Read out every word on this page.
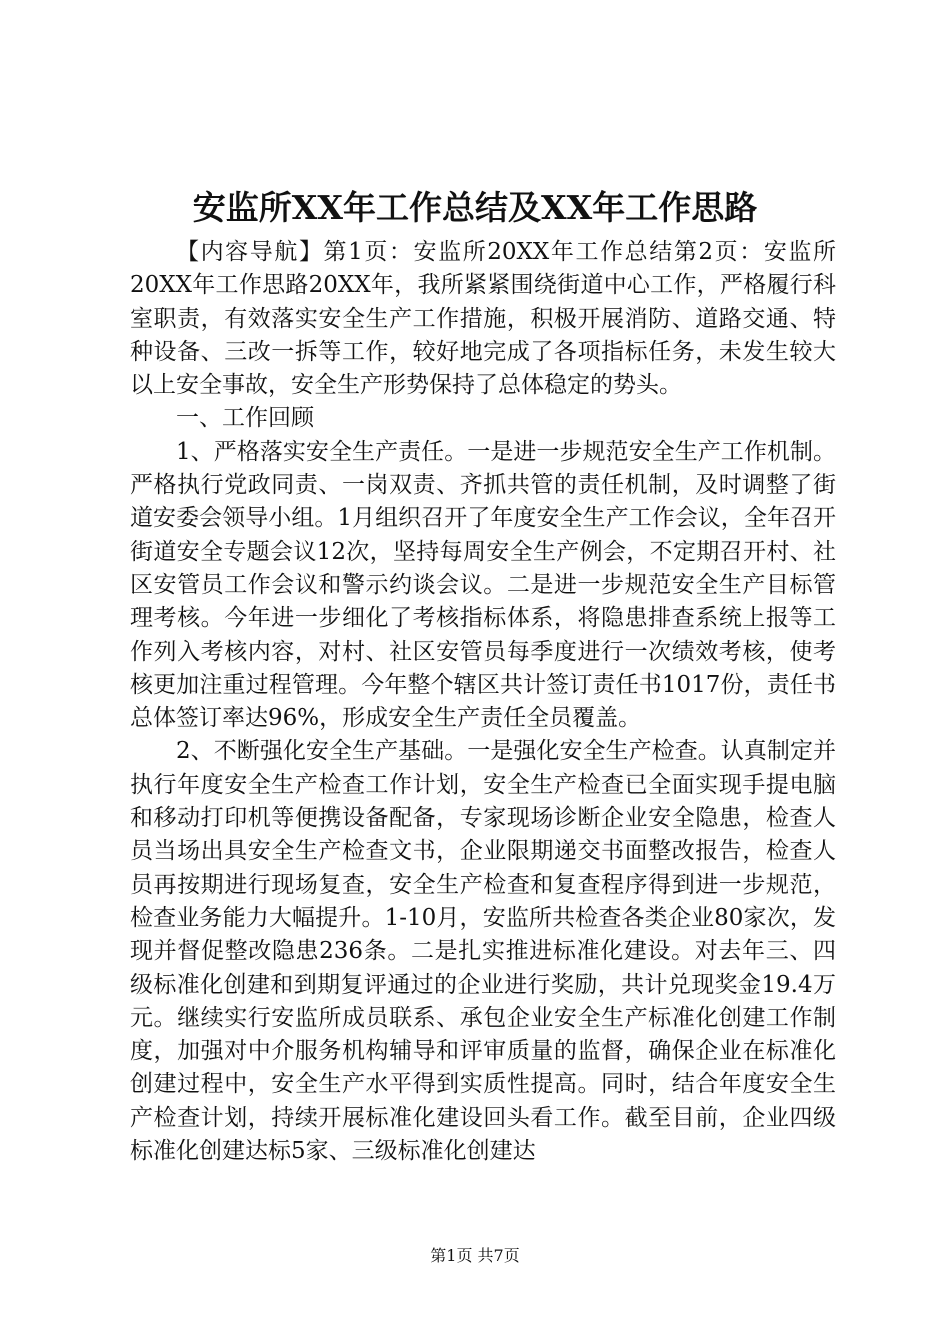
安监所XX年工作总结及XX年工作思路

【内容导航】第1页：安监所20XX年工作总结第2页：安监所20XX年工作思路20XX年，我所紧紧围绕街道中心工作，严格履行科室职责，有效落实安全生产工作措施，积极开展消防、道路交通、特种设备、三改一拆等工作，较好地完成了各项指标任务，未发生较大以上安全事故，安全生产形势保持了总体稳定的势头。

一、工作回顾

1、严格落实安全生产责任。一是进一步规范安全生产工作机制。严格执行党政同责、一岗双责、齐抓共管的责任机制，及时调整了街道安委会领导小组。1月组织召开了年度安全生产工作会议，全年召开街道安全专题会议12次，坚持每周安全生产例会，不定期召开村、社区安管员工作会议和警示约谈会议。二是进一步规范安全生产目标管理考核。今年进一步细化了考核指标体系，将隐患排查系统上报等工作列入考核内容，对村、社区安管员每季度进行一次绩效考核，使考核更加注重过程管理。今年整个辖区共计签订责任书1017份，责任书总体签订率达96%，形成安全生产责任全员覆盖。

2、不断强化安全生产基础。一是强化安全生产检查。认真制定并执行年度安全生产检查工作计划，安全生产检查已全面实现手提电脑和移动打印机等便携设备配备，专家现场诊断企业安全隐患，检查人员当场出具安全生产检查文书，企业限期递交书面整改报告，检查人员再按期进行现场复查，安全生产检查和复查程序得到进一步规范，检查业务能力大幅提升。1-10月，安监所共检查各类企业80家次，发现并督促整改隐患236条。二是扎实推进标准化建设。对去年三、四级标准化创建和到期复评通过的企业进行奖励，共计兑现奖金19.4万元。继续实行安监所成员联系、承包企业安全生产标准化创建工作制度，加强对中介服务机构辅导和评审质量的监督，确保企业在标准化创建过程中，安全生产水平得到实质性提高。同时，结合年度安全生产检查计划，持续开展标准化建设回头看工作。截至目前，企业四级标准化创建达标5家、三级标准化创建达

第1页 共7页
